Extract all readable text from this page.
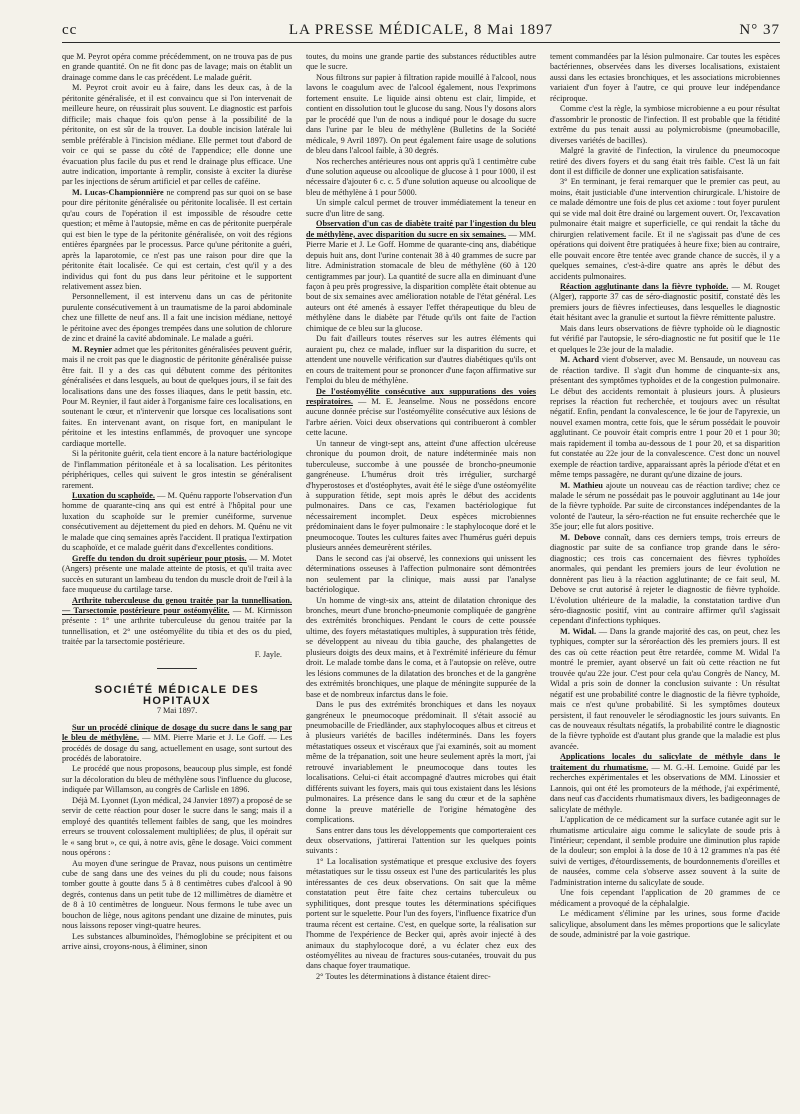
cc	LA PRESSE MÉDICALE, 8 Mai 1897	N° 37

que M. Peyrot opéra comme précédemment, on ne trouva pas de pus en grande quantité. On ne fit donc pas de lavage; mais on établit un drainage comme dans le cas précédent. Le malade guérit.

M. Peyrot croit avoir eu à faire, dans les deux cas, à de la péritonite généralisée, et il est convaincu que si l'on intervenait de meilleure heure, on réussirait plus souvent. Le diagnostic est parfois difficile; mais chaque fois qu'on pense à la possibilité de la péritonite, on est sûr de la trouver. La double incision latérale lui semble préférable à l'incision médiane. Elle permet tout d'abord de voir ce qui se passe du côté de l'appendice; elle donne une évacuation plus facile du pus et rend le drainage plus efficace. Une autre indication, importante à remplir, consiste à exciter la diurèse par les injections de sérum artificiel et par celles de caféine.

M. Lucas-Championnière ne comprend pas sur quoi on se base pour dire péritonite généralisée ou péritonite localisée. Il est certain qu'au cours de l'opération il est impossible de résoudre cette question; et même à l'autopsie, même en cas de péritonite puerpérale qui est bien le type de la péritonite généralisée, on voit des régions entières épargnées par le processus. Parce qu'une péritonite a guéri, après la laparotomie, ce n'est pas une raison pour dire que la péritonite était localisée. Ce qui est certain, c'est qu'il y a des individus qui font du pus dans leur péritoine et le supportent relativement assez bien.

Personnellement, il est intervenu dans un cas de péritonite purulente consécutivement à un traumatisme de la paroi abdominale chez une fillette de neuf ans. Il a fait une incision médiane, nettoyé le péritoine avec des éponges trempées dans une solution de chlorure de zinc et drainé la cavité abdominale. Le malade a guéri.

M. Reynier admet que les péritonites généralisées peuvent guérir, mais il ne croit pas que le diagnostic de péritonite généralisée puisse être fait. Il y a des cas qui débutent comme des péritonites généralisées et dans lesquels, au bout de quelques jours, il se fait des localisations dans une des fosses iliaques, dans le petit bassin, etc. Pour M. Reynier, il faut aider à l'organisme faire ces localisations, en soutenant le cœur, et n'intervenir que lorsque ces localisations sont faites. En intervenant avant, on risque fort, en manipulant le péritoine et les intestins enflammés, de provoquer une syncope cardiaque mortelle.

Si la péritonite guérit, cela tient encore à la nature bactériologique de l'inflammation péritonéale et à sa localisation. Les péritonites périphériques, celles qui suivent le gros intestin se généralisent rarement.

Luxation du scaphoïde. — M. Quénu rapporte l'observation d'un homme de quarante-cinq ans qui est entré à l'hôpital pour une luxation du scaphoïde sur le premier cunéiforme, survenue consécutivement au déjettement du pied en dehors. M. Quénu ne vit le malade que cinq semaines après l'accident. Il pratiqua l'extirpation du scaphoïde, et ce malade guérit dans d'excellentes conditions.

Greffe du tendon du droit supérieur pour ptosis. — M. Motet (Angers) présente une malade atteinte de ptosis, et qu'il traita avec succès en suturant un lambeau du tendon du muscle droit de l'œil à la face muqueuse du cartilage tarse.

Arthrite tuberculeuse du genou traitée par la tunnellisation. — Tarsectomie postérieure pour ostéomyélite. — M. Kirmisson présente : 1° une arthrite tuberculeuse du genou traitée par la tunnellisation, et 2° une ostéomyélite du tibia et des os du pied, traitée par la tarsectomie postérieure.

F. Jayle.
SOCIÉTÉ MÉDICALE DES HOPITAUX
7 Mai 1897.

Sur un procédé clinique de dosage du sucre dans le sang par le bleu de méthylène. — MM. Pierre Marie et J. Le Goff. — Les procédés de dosage du sang, actuellement en usage, sont surtout des procédés de laboratoire.

Le procédé que nous proposons, beaucoup plus simple, est fondé sur la décoloration du bleu de méthylène sous l'influence du glucose, indiquée par Willamson, au congrès de Carlisle en 1896.

Déjà M. Lyonnet (Lyon médical, 24 Janvier 1897) a proposé de se servir de cette réaction pour doser le sucre dans le sang; mais il a employé des quantités tellement faibles de sang, que les moindres erreurs se trouvent colossalement multipliées; de plus, il opérait sur le « sang brut », ce qui, à notre avis, gêne le dosage. Voici comment nous opérons :

Au moyen d'une seringue de Pravaz, nous puisons un centimètre cube de sang dans une des veines du pli du coude; nous faisons tomber goutte à goutte dans 5 à 8 centimètres cubes d'alcool à 90 degrés, contenus dans un petit tube de 12 millimètres de diamètre et de 8 à 10 centimètres de longueur. Nous fermons le tube avec un bouchon de liège, nous agitons pendant une dizaine de minutes, puis nous laissons reposer vingt-quatre heures.

Les substances albuminoïdes, l'hémoglobine se précipitent et ou arrive ainsi, croyons-nous, à éliminer, sinon

toutes, du moins une grande partie des substances réductibles autre que le sucre.

Nous filtrons sur papier à filtration rapide mouillé à l'alcool, nous lavons le coagulum avec de l'alcool également, nous l'exprimons fortement ensuite. Le liquide ainsi obtenu est clair, limpide, et contient en dissolution tout le glucose du sang. Nous l'y dosons alors par le procédé que l'un de nous a indiqué pour le dosage du sucre dans l'urine par le bleu de méthylène (Bulletins de la Société médicale, 9 Avril 1897). On peut également faire usage de solutions de bleu dans l'alcool faible, à 30 degrés.

Nos recherches antérieures nous ont appris qu'à 1 centimètre cube d'une solution aqueuse ou alcoolique de glucose à 1 pour 1000, il est nécessaire d'ajouter 6 c. c. 5 d'une solution aqueuse ou alcoolique de bleu de méthylène à 1 pour 5000.

Un simple calcul permet de trouver immédiatement la teneur en sucre d'un litre de sang.

Observation d'un cas de diabète traité par l'ingestion du bleu de méthylène, avec disparition du sucre en six semaines. — MM. Pierre Marie et J. Le Goff. Homme de quarante-cinq ans, diabétique depuis huit ans, dont l'urine contenait 38 à 40 grammes de sucre par litre. Administration stomacale de bleu de méthylène (60 à 120 centigrammes par jour). La quantité de sucre alla en diminuant d'une façon à peu près progressive, la disparition complète était obtenue au bout de six semaines avec amélioration notable de l'état général. Les auteurs ont été amenés à essayer l'effet thérapeutique du bleu de méthylène dans le diabète par l'étude qu'ils ont faite de l'action chimique de ce bleu sur la glucose.

Du fait d'ailleurs toutes réserves sur les autres éléments qui auraient pu, chez ce malade, influer sur la disparition du sucre, et attendent une nouvelle vérification sur d'autres diabétiques qu'ils ont en cours de traitement pour se prononcer d'une façon affirmative sur l'emploi du bleu de méthylène.

De l'ostéomyélite consécutive aux suppurations des voies respiratoires. — M. E. Jeanselme. Nous ne possédons encore aucune donnée précise sur l'ostéomyélite consécutive aux lésions de l'arbre aérien. Voici deux observations qui contribueront à combler cette lacune.

Un tanneur de vingt-sept ans, atteint d'une affection ulcéreuse chronique du poumon droit, de nature indéterminée mais non tuberculeuse, succombe à une poussée de broncho-pneumonie gangréneuse. L'humérus droit très irrégulier, surchargé d'hyperostoses et d'ostéophytes, avait été le siège d'une ostéomyélite à suppuration fétide, sept mois après le début des accidents pulmonaires. Dans ce cas, l'examen bactériologique fut nécessairement incomplet. Deux espèces microbiennes prédominaient dans le foyer pulmonaire : le staphylocoque doré et le pneumocoque. Toutes les cultures faites avec l'humérus guéri depuis plusieurs années demeurèrent stériles.

Dans le second cas j'ai observé, les connexions qui unissent les déterminations osseuses à l'affection pulmonaire sont démontrées non seulement par la clinique, mais aussi par l'analyse bactériologique.

Un homme de vingt-six ans, atteint de dilatation chronique des bronches, meurt d'une broncho-pneumonie compliquée de gangrène des extrémités bronchiques. Pendant le cours de cette poussée ultime, des foyers métastatiques multiples, à suppuration très fétide, se développent au niveau du tibia gauche, des phalangettes de plusieurs doigts des deux mains, et à l'extrémité inférieure du fémur droit. Le malade tombe dans le coma, et à l'autopsie on relève, outre les lésions communes de la dilatation des bronches et de la gangrène des extrémités bronchiques, une plaque de méningite suppurée de la base et de nombreux infarctus dans le foie.

Dans le pus des extrémités bronchiques et dans les noyaux gangréneux le pneumocoque prédominait. Il s'était associé au pneumobacille de Friedländer, aux staphylocoques albus et citreus et à plusieurs variétés de bacilles indéterminés. Dans les foyers métastatiques osseux et viscéraux que j'ai examinés, soit au moment même de la trépanation, soit une heure seulement après la mort, j'ai retrouvé invariablement le pneumocoque dans toutes les localisations. Celui-ci était accompagné d'autres microbes qui était différents suivant les foyers, mais qui tous existaient dans les lésions pulmonaires. La présence dans le sang du cœur et de la saphène donne la preuve matérielle de l'origine hématogène des complications.

Sans entrer dans tous les développements que comporteraient ces deux observations, j'attirerai l'attention sur les quelques points suivants :

1° La localisation systématique et presque exclusive des foyers métastatiques sur le tissu osseux est l'une des particularités les plus intéressantes de ces deux observations. On sait que la même constatation peut être faite chez certains tuberculeux ou syphilitiques, dont presque toutes les déterminations spécifiques portent sur le squelette. Pour l'un des foyers, l'influence fixatrice d'un trauma récent est certaine. C'est, en quelque sorte, la réalisation sur l'homme de l'expérience de Becker qui, après avoir injecté à des animaux du staphylocoque doré, a vu éclater chez eux des ostéomyélites au niveau de fractures sous-cutanées, trouvait du pus dans chaque foyer traumatique.

2° Toutes les déterminations à distance étaient direc-

tement commandées par la lésion pulmonaire. Car toutes les espèces bactériennes, observées dans les diverses localisations, existaient aussi dans les ectasies bronchiques, et les associations microbiennes variaient d'un foyer à l'autre, ce qui prouve leur indépendance réciproque.

Comme c'est la règle, la symbiose microbienne a eu pour résultat d'assombrir le pronostic de l'infection. Il est probable que la fétidité extrême du pus tenait aussi au polymicrobisme (pneumobacille, diverses variétés de bacilles).

Malgré la gravité de l'infection, la virulence du pneumocoque retiré des divers foyers et du sang était très faible. C'est là un fait dont il est difficile de donner une explication satisfaisante.

3° En terminant, je ferai remarquer que le premier cas peut, au moins, était justiciable d'une intervention chirurgicale. L'histoire de ce malade démontre une fois de plus cet axiome : tout foyer purulent qui se vide mal doit être drainé ou largement ouvert. Or, l'excavation pulmonaire était maigre et superficielle, ce qui rendait la tâche du chirurgien relativement facile. Et il ne s'agissait pas d'une de ces opérations qui doivent être pratiquées à heure fixe; bien au contraire, elle pouvait encore être tentée avec grande chance de succès, il y a quelques semaines, c'est-à-dire quatre ans après le début des accidents pulmonaires.

Réaction agglutinante dans la fièvre typhoïde. — M. Rouget (Alger), rapporte 37 cas de séro-diagnostic positif, constaté dès les premiers jours de fièvres infectieuses, dans lesquelles le diagnostic était hésitant avec la granulie et surtout la fièvre rémittente palustre.

Mais dans leurs observations de fièvre typhoïde où le diagnostic fut vérifié par l'autopsie, le séro-diagnostic ne fut positif que le 11e et quelques le 23e jour de la maladie.

M. Achard vient d'observer, avec M. Bensaude, un nouveau cas de réaction tardive. Il s'agit d'un homme de cinquante-six ans, présentant des symptômes typhoïdes et de la congestion pulmonaire. Le début des accidents remontait à plusieurs jours. À plusieurs reprises la réaction fut recherchée, et toujours avec un résultat négatif. Enfin, pendant la convalescence, le 6e jour de l'apyrexie, un nouvel examen montra, cette fois, que le sérum possédait le pouvoir agglutinant. Ce pouvoir était compris entre 1 pour 20 et 1 pour 30; mais rapidement il tomba au-dessous de 1 pour 20, et sa disparition fut constatée au 22e jour de la convalescence. C'est donc un nouvel exemple de réaction tardive, apparaissant après la période d'état et en même temps passagère, ne durant qu'une dizaine de jours.

M. Mathieu ajoute un nouveau cas de réaction tardive; chez ce malade le sérum ne possédait pas le pouvoir agglutinant au 14e jour de la fièvre typhoïde. Par suite de circonstances indépendantes de la volonté de l'auteur, la séro-réaction ne fut ensuite recherchée que le 35e jour; elle fut alors positive.

M. Debove connaît, dans ces derniers temps, trois erreurs de diagnostic par suite de sa confiance trop grande dans le séro-diagnostic; ces trois cas concernaient des fièvres typhoïdes anormales, qui pendant les premiers jours de leur évolution ne donnèrent pas lieu à la réaction agglutinante; de ce fait seul, M. Debove se crut autorisé à rejeter le diagnostic de fièvre typhoïde. L'évolution ultérieure de la maladie, la constatation tardive d'un séro-diagnostic positif, vint au contraire affirmer qu'il s'agissait cependant d'infections typhiques.

M. Widal. — Dans la grande majorité des cas, on peut, chez les typhiques, compter sur la séroréaction dès les premiers jours. Il est des cas où cette réaction peut être retardée, comme M. Widal l'a montré le premier, ayant observé un fait où cette réaction ne fut trouvée qu'au 22e jour. C'est pour cela qu'au Congrès de Nancy, M. Widal a pris soin de donner la conclusion suivante : Un résultat négatif est une probabilité contre le diagnostic de la fièvre typhoïde, mais ce n'est qu'une probabilité. Si les symptômes douteux persistent, il faut renouveler le sérodiagnostic les jours suivants. En cas de nouveaux résultats négatifs, la probabilité contre le diagnostic de la fièvre typhoïde est d'autant plus grande que la maladie est plus avancée.

Applications locales du salicylate de méthyle dans le traitement du rhumatisme. — M. G.-H. Lemoine. Guidé par les recherches expérimentales et les observations de MM. Linossier et Lannois, qui ont été les promoteurs de la méthode, j'ai expérimenté, dans neuf cas d'accidents rhumatismaux divers, les badigeonnages de salicylate de méthyle.

L'application de ce médicament sur la surface cutanée agit sur le rhumatisme articulaire aigu comme le salicylate de soude pris à l'intérieur; cependant, il semble produire une diminution plus rapide de la douleur; son emploi à la dose de 10 à 12 grammes n'a pas été suivi de vertiges, d'étourdissements, de bourdonnements d'oreilles et de nausées, comme cela s'observe assez souvent à la suite de l'administration interne du salicylate de soude.

Une fois cependant l'application de 20 grammes de ce médicament a provoqué de la céphalalgie.

Le médicament s'élimine par les urines, sous forme d'acide salicylique, absolument dans les mêmes proportions que le salicylate de soude, administré par la voie gastrique.
